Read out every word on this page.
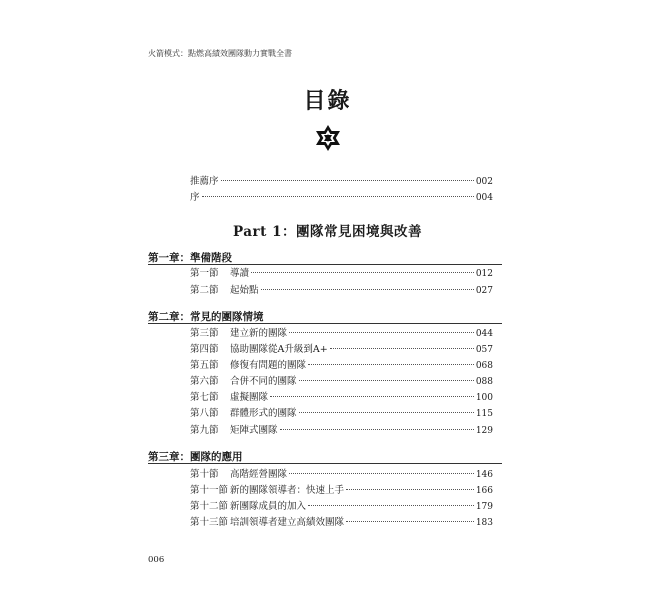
火箭模式：點燃高績效團隊動力實戰全書
目錄
推薦序	002
序	004
Part 1：團隊常見困境與改善
第一章：準備階段
第一節 導讀	012
第二節 起始點	027
第二章：常見的團隊情境
第三節 建立新的團隊	044
第四節 協助團隊從A升級到A+	057
第五節 修復有問題的團隊	068
第六節 合併不同的團隊	088
第七節 虛擬團隊	100
第八節 群體形式的團隊	115
第九節 矩陣式團隊	129
第三章：團隊的應用
第十節 高階經營團隊	146
第十一節 新的團隊領導者：快速上手	166
第十二節 新團隊成員的加入	179
第十三節 培訓領導者建立高績效團隊	183
006
